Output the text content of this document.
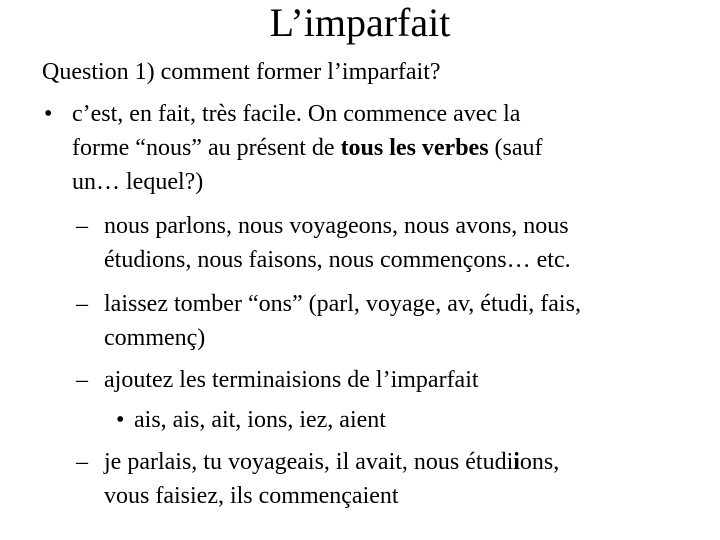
L’imparfait
Question 1) comment former l’imparfait?
• c’est, en fait, très facile. On commence avec la
forme “nous” au présent de tous les verbes (sauf
un… lequel?)
– nous parlons, nous voyageons, nous avons, nous
étudions, nous faisons, nous commençons… etc.
– laissez tomber “ons” (parl, voyage, av, étudi, fais,
commenç)
– ajoutez les terminaisions de l’imparfait
• ais, ais, ait, ions, iez, aient
– je parlais, tu voyageais, il avait, nous étudiions,
vous faisiez, ils commençaient
